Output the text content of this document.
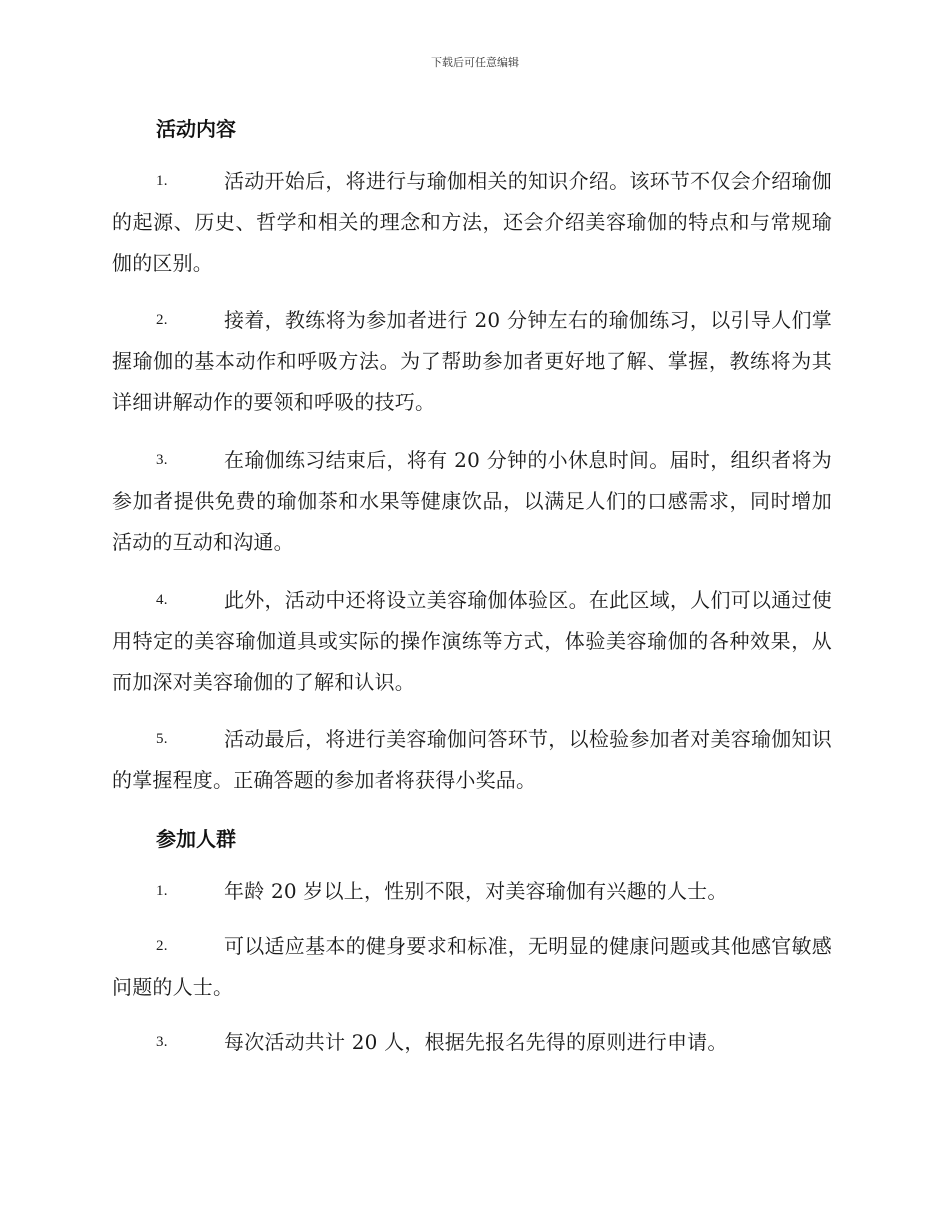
下载后可任意编辑
活动内容
1.	活动开始后，将进行与瑜伽相关的知识介绍。该环节不仅会介绍瑜伽的起源、历史、哲学和相关的理念和方法，还会介绍美容瑜伽的特点和与常规瑜伽的区别。
2.	接着，教练将为参加者进行 20 分钟左右的瑜伽练习，以引导人们掌握瑜伽的基本动作和呼吸方法。为了帮助参加者更好地了解、掌握，教练将为其详细讲解动作的要领和呼吸的技巧。
3.	在瑜伽练习结束后，将有 20 分钟的小休息时间。届时，组织者将为参加者提供免费的瑜伽茶和水果等健康饮品，以满足人们的口感需求，同时增加活动的互动和沟通。
4.	此外，活动中还将设立美容瑜伽体验区。在此区域，人们可以通过使用特定的美容瑜伽道具或实际的操作演练等方式，体验美容瑜伽的各种效果，从而加深对美容瑜伽的了解和认识。
5.	活动最后，将进行美容瑜伽问答环节，以检验参加者对美容瑜伽知识的掌握程度。正确答题的参加者将获得小奖品。
参加人群
1.	年龄 20 岁以上，性别不限，对美容瑜伽有兴趣的人士。
2.	可以适应基本的健身要求和标准，无明显的健康问题或其他感官敏感问题的人士。
3.	每次活动共计 20 人，根据先报名先得的原则进行申请。
